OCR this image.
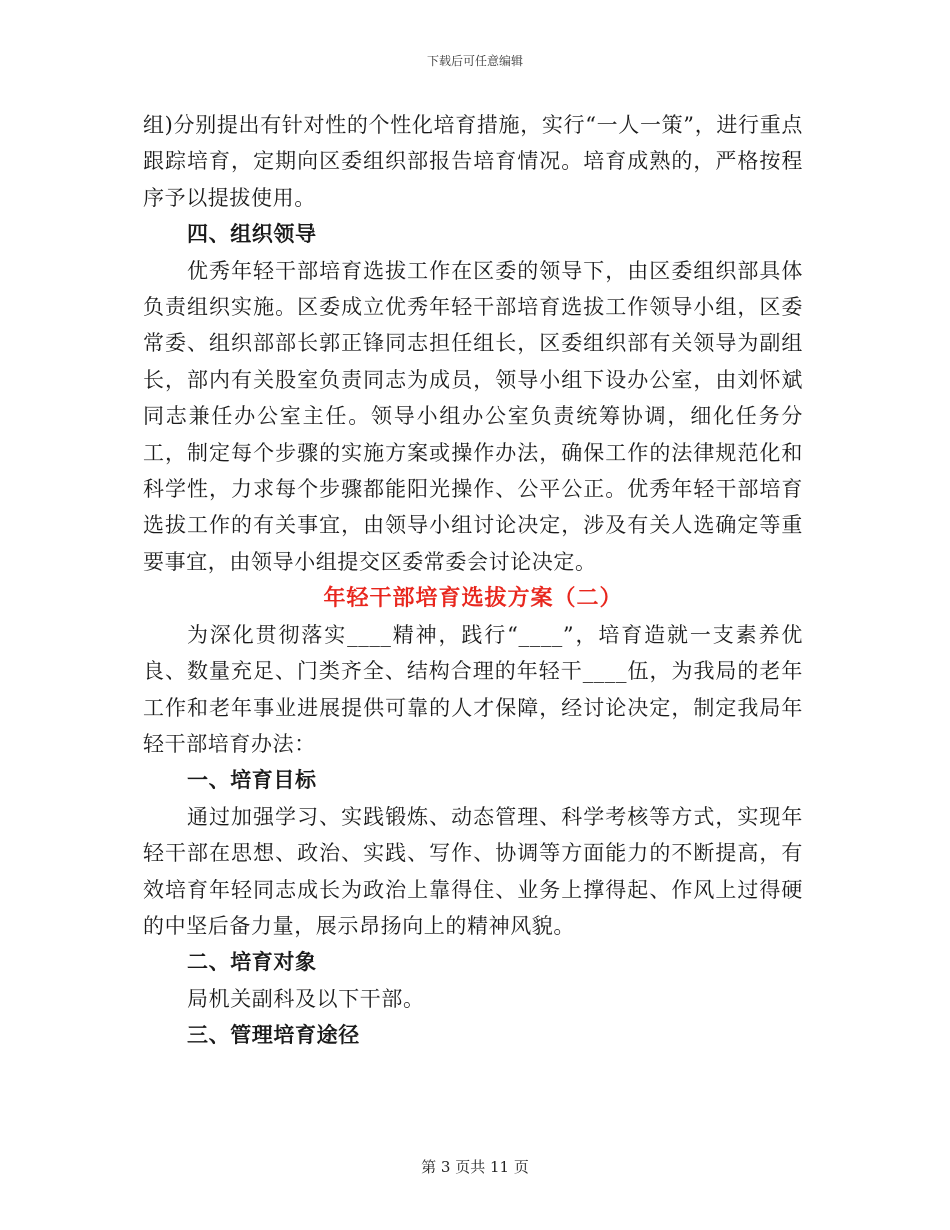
下载后可任意编辑

组)分别提出有针对性的个性化培育措施，实行“一人一策”，进行重点跟踪培育，定期向区委组织部报告培育情况。培育成熟的，严格按程序予以提拔使用。

四、组织领导

优秀年轻干部培育选拔工作在区委的领导下，由区委组织部具体负责组织实施。区委成立优秀年轻干部培育选拔工作领导小组，区委常委、组织部部长郭正锋同志担任组长，区委组织部有关领导为副组长，部内有关股室负责同志为成员，领导小组下设办公室，由刘怀斌同志兼任办公室主任。领导小组办公室负责统筹协调，细化任务分工，制定每个步骤的实施方案或操作办法，确保工作的法律规范化和科学性，力求每个步骤都能阳光操作、公平公正。优秀年轻干部培育选拔工作的有关事宜，由领导小组讨论决定，涉及有关人选确定等重要事宜，由领导小组提交区委常委会讨论决定。

年轻干部培育选拔方案（二）

为深化贯彻落实____精神，践行“____”，培育造就一支素养优良、数量充足、门类齐全、结构合理的年轻干____伍，为我局的老年工作和老年事业进展提供可靠的人才保障，经讨论决定，制定我局年轻干部培育办法：

一、培育目标

通过加强学习、实践锻炼、动态管理、科学考核等方式，实现年轻干部在思想、政治、实践、写作、协调等方面能力的不断提高，有效培育年轻同志成长为政治上靠得住、业务上撑得起、作风上过得硬的中坚后备力量，展示昂扬向上的精神风貌。

二、培育对象

局机关副科及以下干部。

三、管理培育途径

第 3 页共 11 页
